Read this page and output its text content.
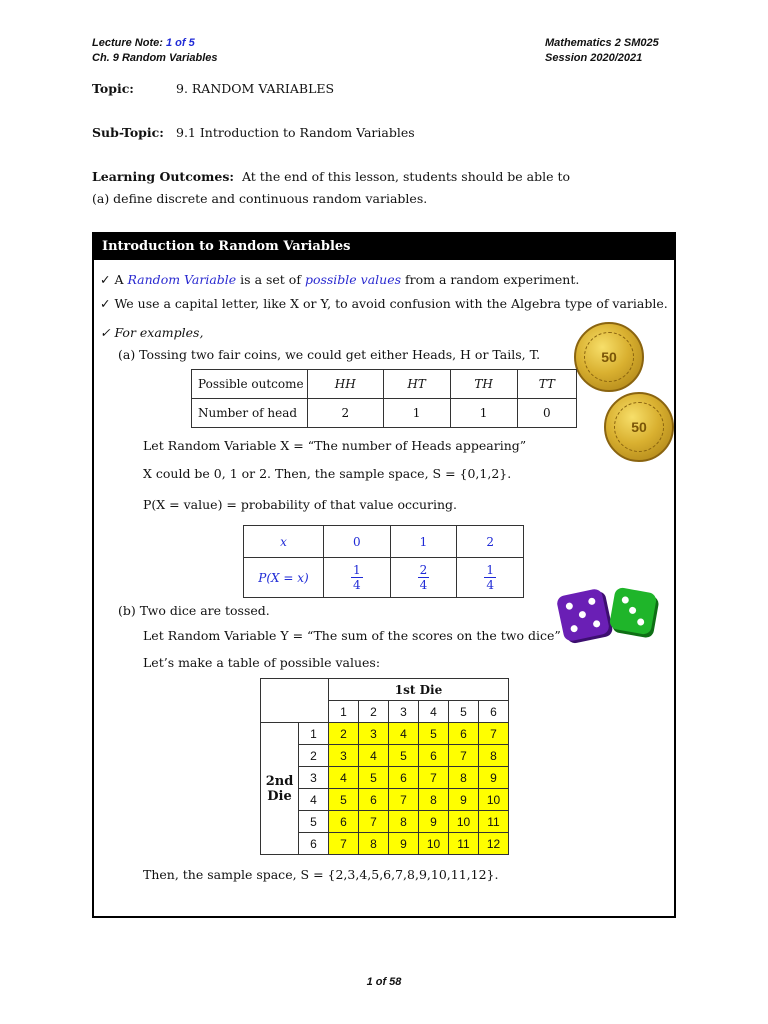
Lecture Note: 1 of 5
Ch. 9 Random Variables
Mathematics 2 SM025
Session 2020/2021
Topic:	9. RANDOM VARIABLES
Sub-Topic: 9.1 Introduction to Random Variables
Learning Outcomes: At the end of this lesson, students should be able to
(a) define discrete and continuous random variables.
Introduction to Random Variables
✓ A Random Variable is a set of possible values from a random experiment.
✓ We use a capital letter, like X or Y, to avoid confusion with the Algebra type of variable.
✓ For examples,
(a) Tossing two fair coins, we could get either Heads, H or Tails, T.	50
50
Possible outcome	HH	HT	TH	TT
Number of head	2	1	1	0
Let Random Variable X = “The number of Heads appearing”
X could be 0, 1 or 2. Then, the sample space, S = {0,1,2}.
P(X = value) = probability of that value occuring.
x	0	1	2
P(X = x)	$\frac{1}{4}$	$\frac{2}{4}$	$\frac{1}{4}$
(b) Two dice are tossed.
Let Random Variable Y = “The sum of the scores on the two dice”
Let’s make a table of possible values:
		1st Die					
		1	2	3	4	5	6

2nd
Die	1	2	3	4	5	6	7
	2	3	4	5	6	7	8
	3	4	5	6	7	8	9
	4	5	6	7	8	9	10
	5	6	7	8	9	10	11
	6	7	8	9	10	11	12
Then, the sample space, S = {2,3,4,5,6,7,8,9,10,11,12}.
1 of 58
